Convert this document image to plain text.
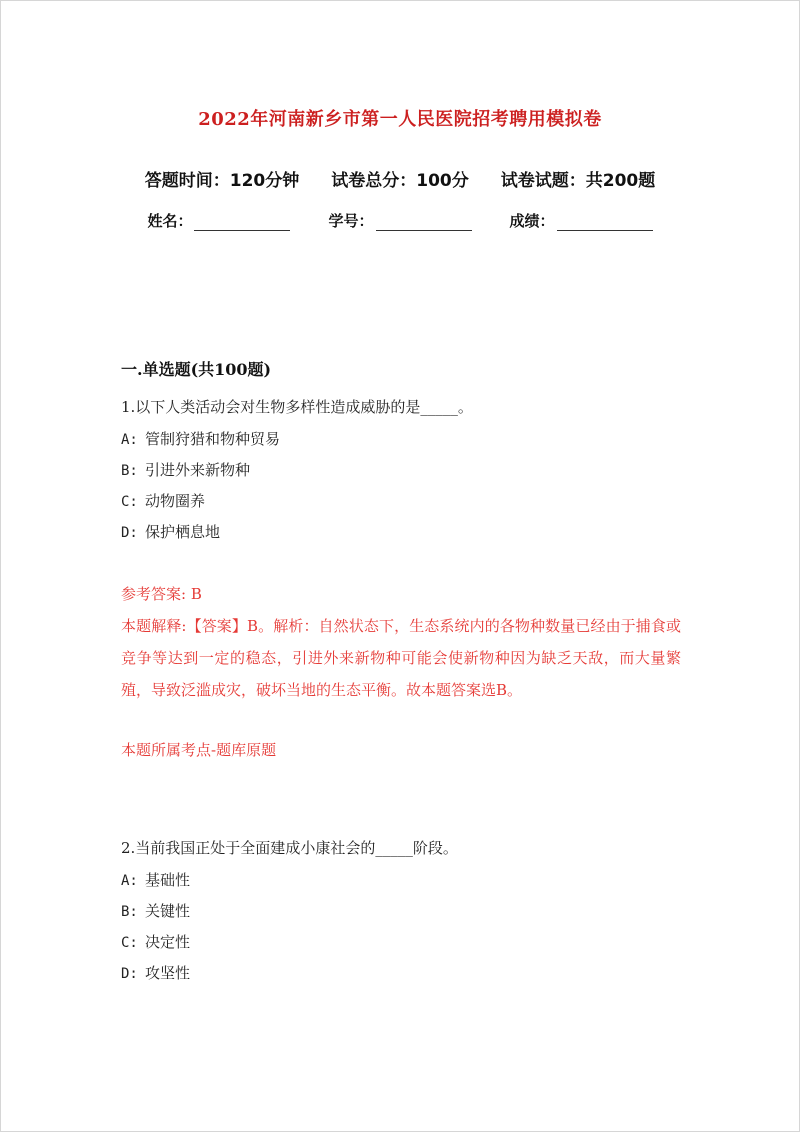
2022年河南新乡市第一人民医院招考聘用模拟卷
答题时间：120分钟 试卷总分：100分 试卷试题：共200题
姓名：	学号：	成绩：
一.单选题(共100题)
1.以下人类活动会对生物多样性造成威胁的是_____。
A: 管制狩猎和物种贸易
B: 引进外来新物种
C: 动物圈养
D: 保护栖息地
参考答案: B
本题解释:【答案】B。解析：自然状态下，生态系统内的各物种数量已经由于捕食或竞争等达到一定的稳态，引进外来新物种可能会使新物种因为缺乏天敌，而大量繁殖，导致泛滥成灾，破坏当地的生态平衡。故本题答案选B。
本题所属考点-题库原题
2.当前我国正处于全面建成小康社会的_____阶段。
A: 基础性
B: 关键性
C: 决定性
D: 攻坚性
